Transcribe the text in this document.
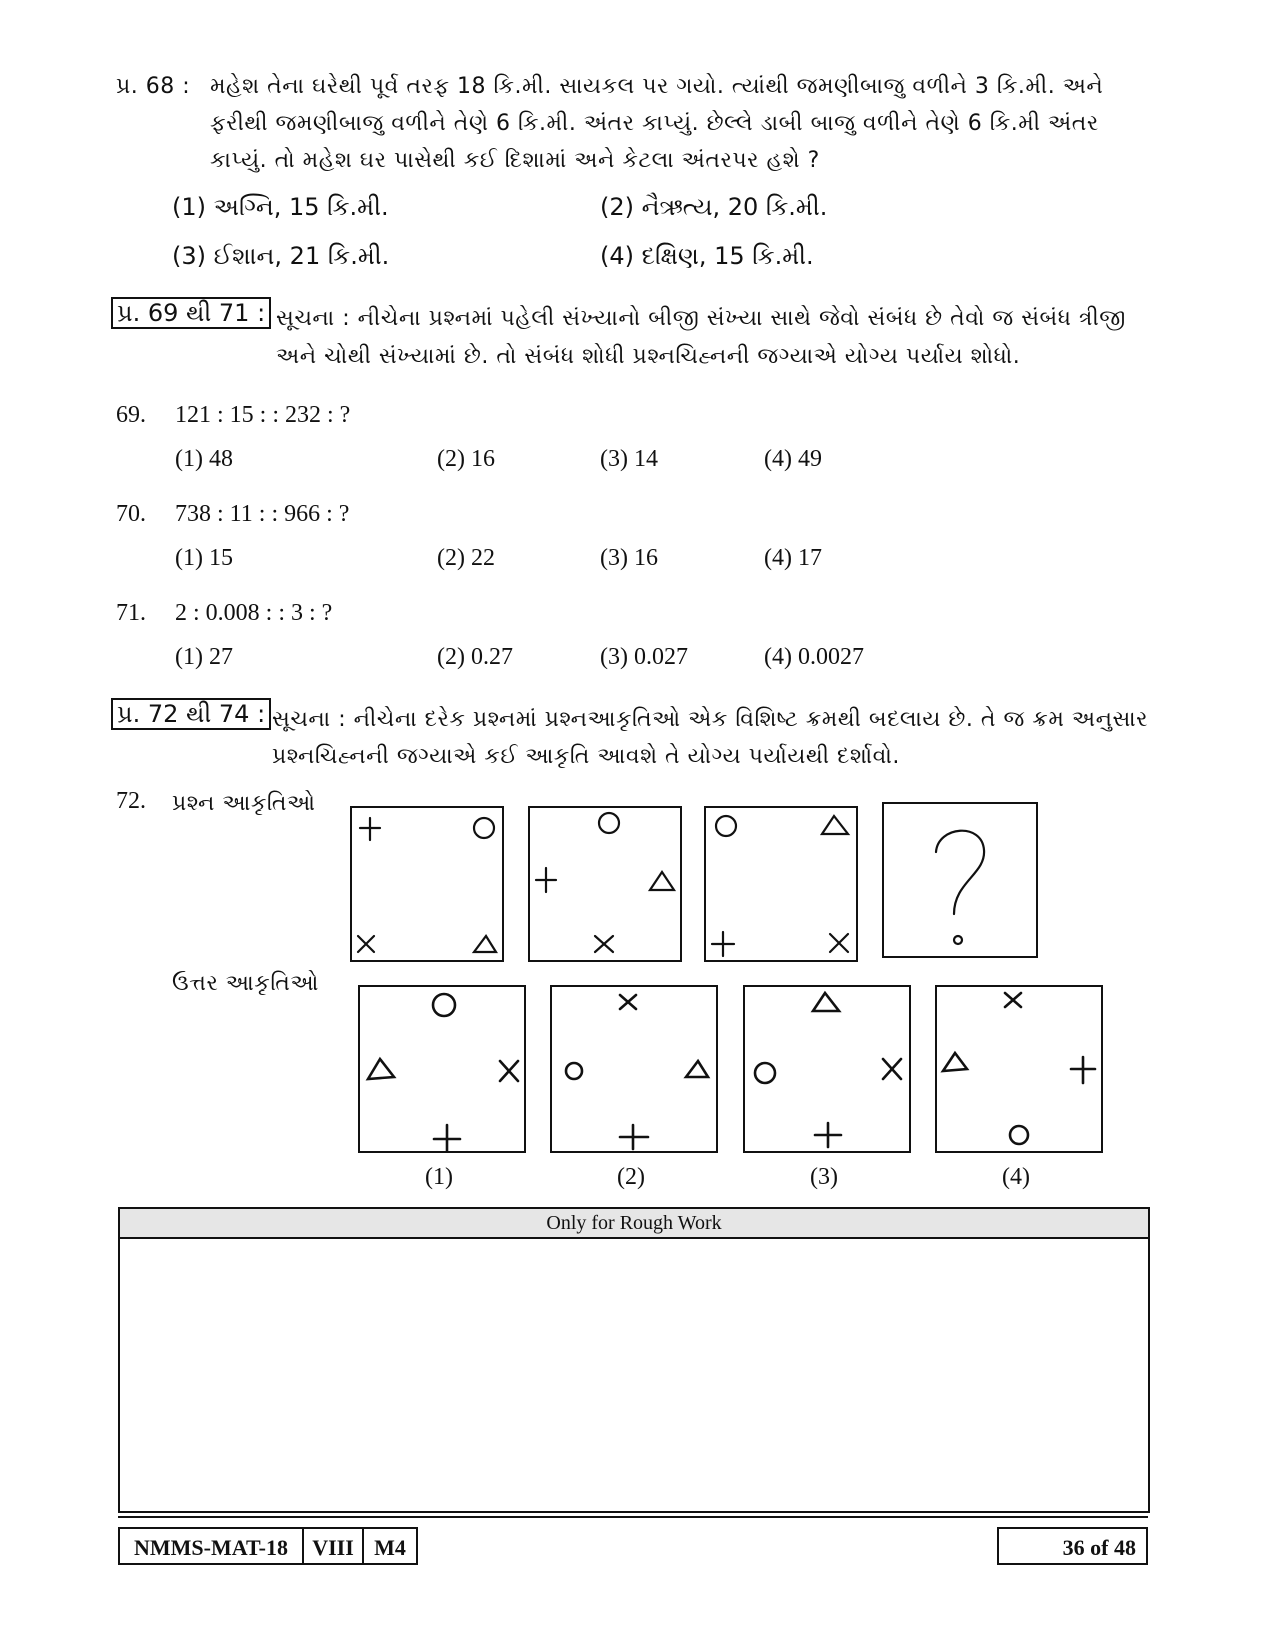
પ્ર. 68 : મહેશ તેના ઘરેથી પૂર્વ તરફ 18 કિ.મી. સાયકલ પર ગયો. ત્યાંથી જમણીબાજુ વળીને 3 કિ.મી. અને
ફરીથી જમણીબાજુ વળીને તેણે 6 કિ.મી. અંતર કાપ્યું. છેલ્લે ડાબી બાજુ વળીને તેણે 6 કિ.મી અંતર
કાપ્યું. તો મહેશ ઘર પાસેથી કઈ દિશામાં અને કેટલા અંતરપર હશે ?
(1) અગ્નિ, 15 કિ.મી.	(2) નૈઋત્ય, 20 કિ.મી.
(3) ઈશાન, 21 કિ.મી.	(4) દક્ષિણ, 15 કિ.મી.
પ્ર. 69 થી 71 : સૂચના : નીચેના પ્રશ્નમાં પહેલી સંખ્યાનો બીજી સંખ્યા સાથે જેવો સંબંધ છે તેવો જ સંબંધ ત્રીજી
અને ચોથી સંખ્યામાં છે. તો સંબંધ શોધી પ્રશ્નચિહ્નની જગ્યાએ યોગ્ય પર્યાય શોધો.
69. 121 : 15 : : 232 : ?
(1) 48	(2) 16	(3) 14	(4) 49
70. 738 : 11 : : 966 : ?
(1) 15	(2) 22	(3) 16	(4) 17
71. 2 : 0.008 : : 3 : ?
(1) 27	(2) 0.27	(3) 0.027	(4) 0.0027
પ્ર. 72 થી 74 : સૂચના : નીચેના દરેક પ્રશ્નમાં પ્રશ્નઆકૃતિઓ એક વિશિષ્ટ ક્રમથી બદલાય છે. તે જ ક્રમ અનુસાર
પ્રશ્નચિહ્નની જગ્યાએ કઈ આકૃતિ આવશે તે યોગ્ય પર્યાયથી દર્શાવો.
72. પ્રશ્ન આકૃતિઓ
ઉત્તર આકૃતિઓ
(1)	(2)	(3)	(4)
Only for Rough Work
NMMS-MAT-18	VIII M4	36 of 48
